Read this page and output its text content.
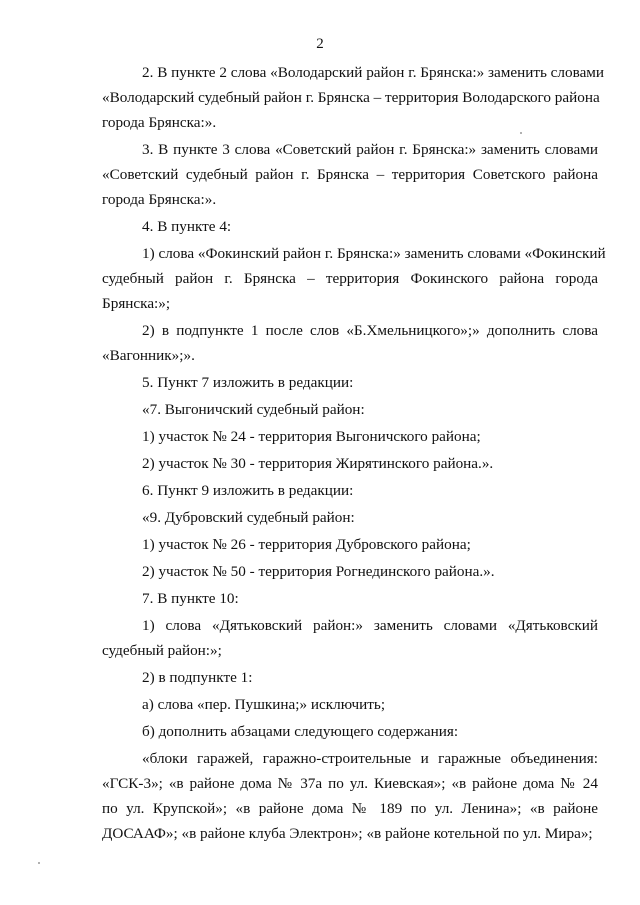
2
2. В пункте 2 слова «Володарский район г. Брянска:» заменить словами
«Володарский судебный район г. Брянска – территория Володарского района
города Брянска:».
3. В пункте 3 слова «Советский район г. Брянска:» заменить словами
«Советский судебный район г. Брянска – территория Советского района
города Брянска:».
4. В пункте 4:
1) слова «Фокинский район г. Брянска:» заменить словами «Фокинский
судебный район г. Брянска – территория Фокинского района города
Брянска:»;
2) в подпункте 1 после слов «Б.Хмельницкого»;» дополнить слова
«Вагонник»;».
5. Пункт 7 изложить в редакции:
«7. Выгоничский судебный район:
1) участок № 24 - территория Выгоничского района;
2) участок № 30 - территория Жирятинского района.».
6. Пункт 9 изложить в редакции:
«9. Дубровский судебный район:
1) участок № 26 - территория Дубровского района;
2) участок № 50 - территория Рогнединского района.».
7. В пункте 10:
1) слова «Дятьковский район:» заменить словами «Дятьковский
судебный район:»;
2) в подпункте 1:
а) слова «пер. Пушкина;» исключить;
б) дополнить абзацами следующего содержания:
«блоки гаражей, гаражно-строительные и гаражные объединения:
«ГСК-3»; «в районе дома № 37а по ул. Киевская»; «в районе дома № 24
по ул. Крупской»; «в районе дома № 189 по ул. Ленина»; «в районе
ДОСААФ»; «в районе клуба Электрон»; «в районе котельной по ул. Мира»;
